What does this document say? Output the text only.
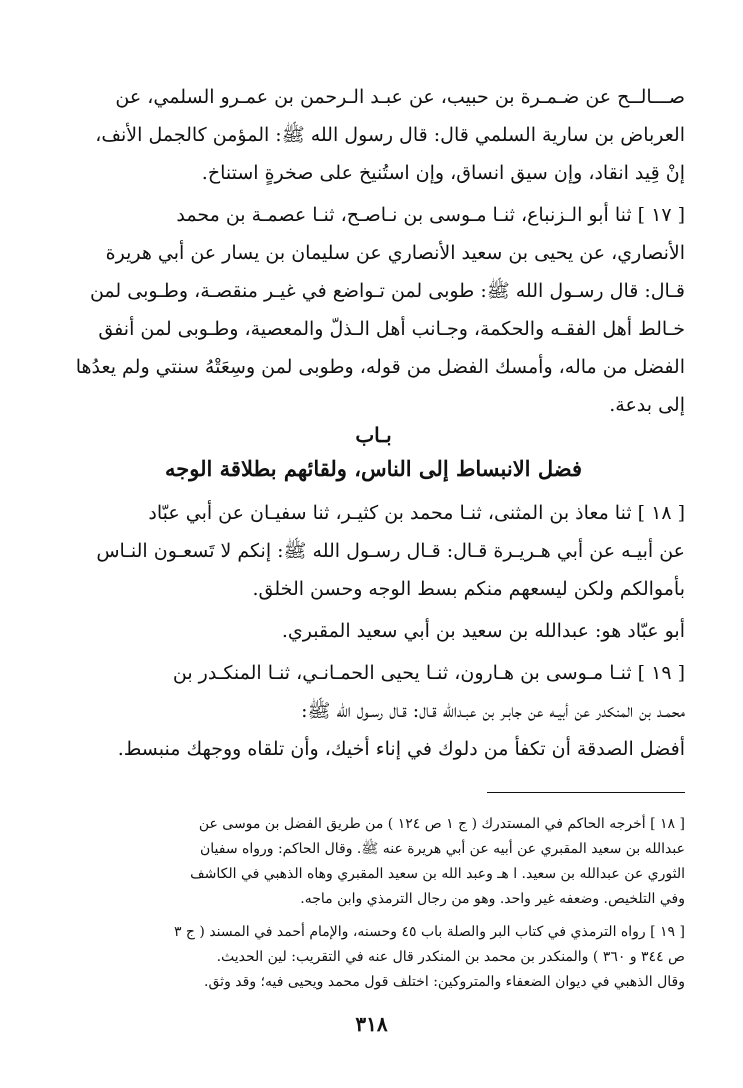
صـــالــح عن ضـمـرة بن حبيب، عن عبـد الـرحمن بن عمـرو السلمي، عن
العرباض بن سارية السلمي قال: قال رسول الله ﷺ: المؤمن كالجمل الأنف،
إنْ قِيد انقاد، وإن سيق انساق، وإن استُنيخ على صخرةٍ استناخ.
[ ١٧ ] ثنا أبو الـزنباع، ثنـا مـوسى بن نـاصـح، ثنـا عصمـة بن محمد
الأنصاري، عن يحيى بن سعيد الأنصاري عن سليمان بن يسار عن أبي هريرة
قـال: قال رسـول الله ﷺ: طوبى لمن تـواضع في غيـر منقصـة، وطـوبى لمن
خـالط أهل الفقـه والحكمة، وجـانب أهل الـذلّ والمعصية، وطـوبى لمن أنفق
الفضل من ماله، وأمسك الفضل من قوله، وطوبى لمن وسِعَتْهُ سنتي ولم يعدُها
إلى بدعة.
بـاب
فضل الانبساط إلى الناس، ولقائهم بطلاقة الوجه
[ ١٨ ] ثنا معاذ بن المثنى، ثنـا محمد بن كثيـر، ثنا سفيـان عن أبي عبّاد
عن أبيـه عن أبي هـريـرة قـال: قـال رسـول الله ﷺ: إنكم لا تَسعـون النـاس
بأموالكم ولكن ليسعهم منكم بسط الوجه وحسن الخلق.
أبو عبّاد هو: عبدالله بن سعيد بن أبي سعيد المقبري.
[ ١٩ ] ثنـا مـوسى بن هـارون، ثنـا يحيى الحمـانـي، ثنـا المنكـدر بن
محمـد بن المنكدر عن أبيـه عن جابـر بن عبـدالله قـال: قـال رسـول الله ﷺ:
أفضل الصدقة أن تكفأ من دلوك في إناء أخيك، وأن تلقاه ووجهك منبسط.
[ ١٨ ] أخرجه الحاكم في المستدرك ( ج ١ ص ١٢٤ ) من طريق الفضل بن موسى عن
عبدالله بن سعيد المقبري عن أبيه عن أبي هريرة عنه ﷺ. وقال الحاكم: ورواه سفيان
الثوري عن عبدالله بن سعيد. ا هـ وعبد الله بن سعيد المقبري وهاه الذهبي في الكاشف
وفي التلخيص. وضعفه غير واحد. وهو من رجال الترمذي وابن ماجه.
[ ١٩ ] رواه الترمذي في كتاب البر والصلة باب ٤٥ وحسنه، والإمام أحمد في المسند ( ج ٣
ص ٣٤٤ و ٣٦٠ ) والمنكدر بن محمد بن المنكدر قال عنه في التقريب: لين الحديث.
وقال الذهبي في ديوان الضعفاء والمتروكين: اختلف قول محمد ويحيى فيه؛ وقد وثق.
٣١٨
